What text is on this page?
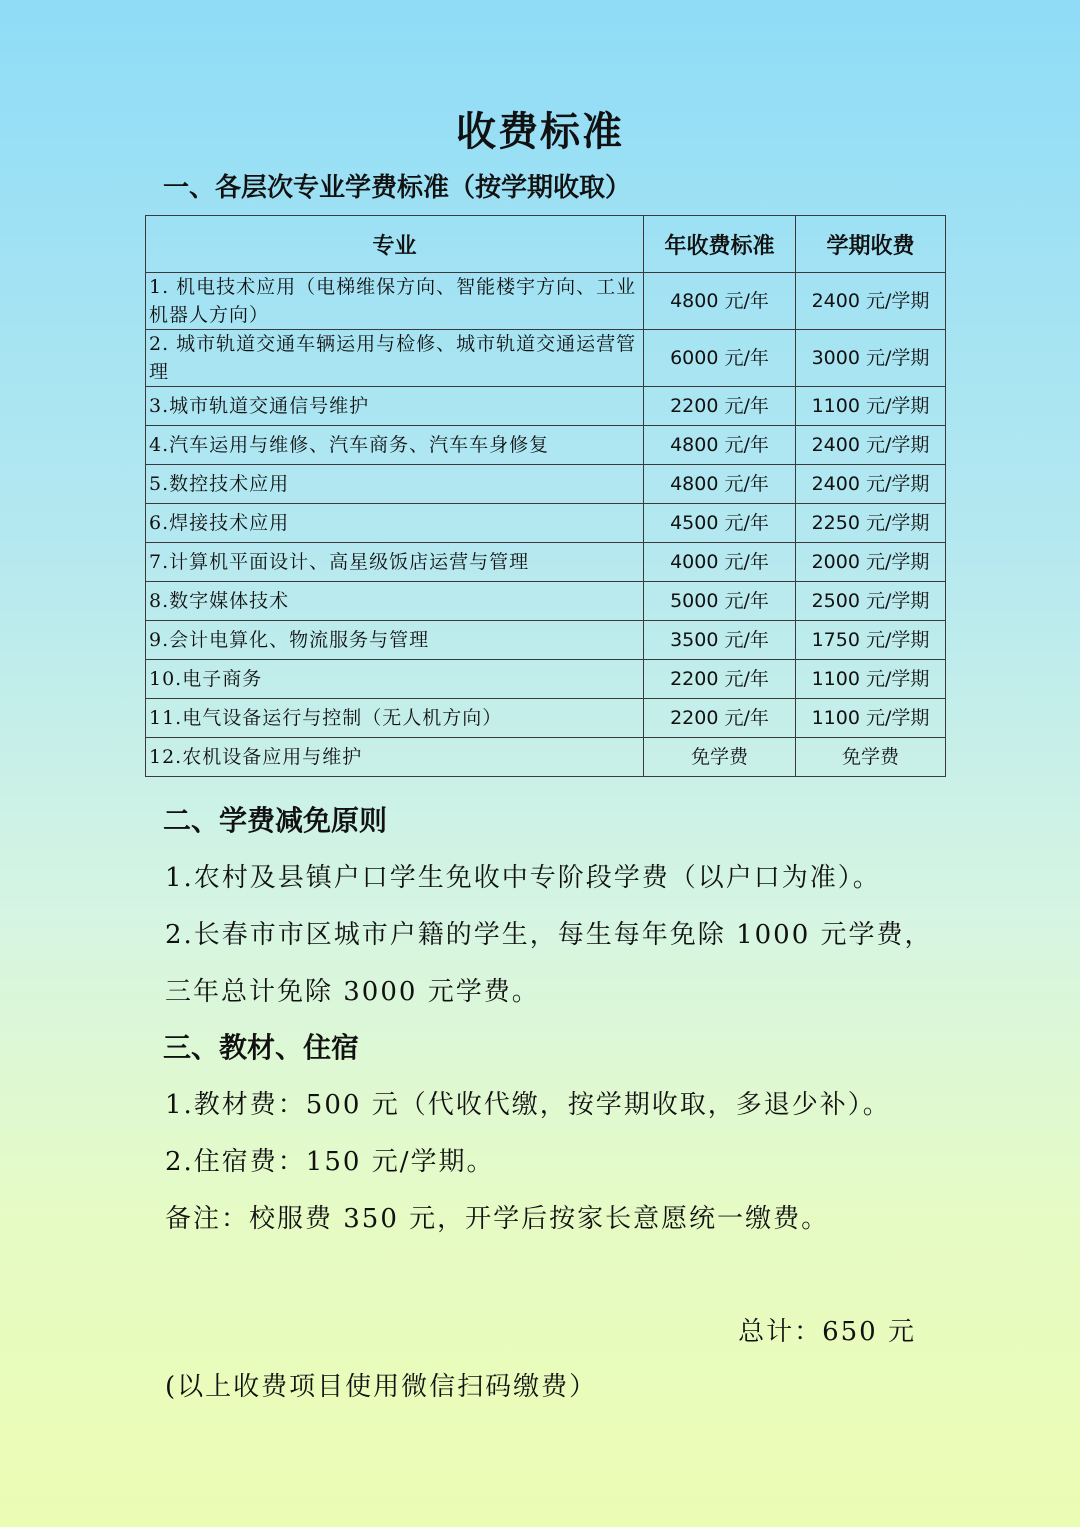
收费标准
一、各层次专业学费标准（按学期收取）
专业	年收费标准	学期收费
1. 机电技术应用（电梯维保方向、智能楼宇方向、工业机器人方向）	4800 元/年	2400 元/学期
2. 城市轨道交通车辆运用与检修、城市轨道交通运营管理	6000 元/年	3000 元/学期
3.城市轨道交通信号维护	2200 元/年	1100 元/学期
4.汽车运用与维修、汽车商务、汽车车身修复	4800 元/年	2400 元/学期
5.数控技术应用	4800 元/年	2400 元/学期
6.焊接技术应用	4500 元/年	2250 元/学期
7.计算机平面设计、高星级饭店运营与管理	4000 元/年	2000 元/学期
8.数字媒体技术	5000 元/年	2500 元/学期
9.会计电算化、物流服务与管理	3500 元/年	1750 元/学期
10.电子商务	2200 元/年	1100 元/学期
11.电气设备运行与控制（无人机方向）	2200 元/年	1100 元/学期
12.农机设备应用与维护	免学费	免学费
二、学费减免原则
1.农村及县镇户口学生免收中专阶段学费（以户口为准）。
2.长春市市区城市户籍的学生，每生每年免除 1000 元学费，
三年总计免除 3000 元学费。
三、教材、住宿
1.教材费：500 元（代收代缴，按学期收取，多退少补）。
2.住宿费：150 元/学期。
备注：校服费 350 元，开学后按家长意愿统一缴费。
总计：650 元
(以上收费项目使用微信扫码缴费）
